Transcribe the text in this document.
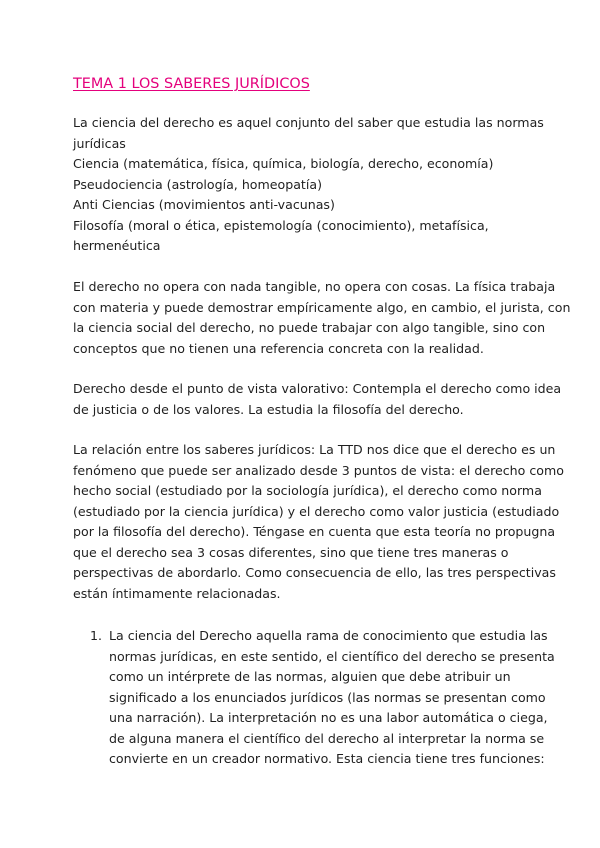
TEMA 1 LOS SABERES JURÍDICOS
La ciencia del derecho es aquel conjunto del saber que estudia las normas
jurídicas
Ciencia (matemática, física, química, biología, derecho, economía)
Pseudociencia (astrología, homeopatía)
Anti Ciencias (movimientos anti-vacunas)
Filosofía (moral o ética, epistemología (conocimiento), metafísica,
hermenéutica
El derecho no opera con nada tangible, no opera con cosas. La física trabaja
con materia y puede demostrar empíricamente algo, en cambio, el jurista, con
la ciencia social del derecho, no puede trabajar con algo tangible, sino con
conceptos que no tienen una referencia concreta con la realidad.
Derecho desde el punto de vista valorativo: Contempla el derecho como idea
de justicia o de los valores. La estudia la filosofía del derecho.
La relación entre los saberes jurídicos: La TTD nos dice que el derecho es un
fenómeno que puede ser analizado desde 3 puntos de vista: el derecho como
hecho social (estudiado por la sociología jurídica), el derecho como norma
(estudiado por la ciencia jurídica) y el derecho como valor justicia (estudiado
por la filosofía del derecho). Téngase en cuenta que esta teoría no propugna
que el derecho sea 3 cosas diferentes, sino que tiene tres maneras o
perspectivas de abordarlo. Como consecuencia de ello, las tres perspectivas
están íntimamente relacionadas.
1. La ciencia del Derecho aquella rama de conocimiento que estudia las
normas jurídicas, en este sentido, el científico del derecho se presenta
como un intérprete de las normas, alguien que debe atribuir un
significado a los enunciados jurídicos (las normas se presentan como
una narración). La interpretación no es una labor automática o ciega,
de alguna manera el científico del derecho al interpretar la norma se
convierte en un creador normativo. Esta ciencia tiene tres funciones:
